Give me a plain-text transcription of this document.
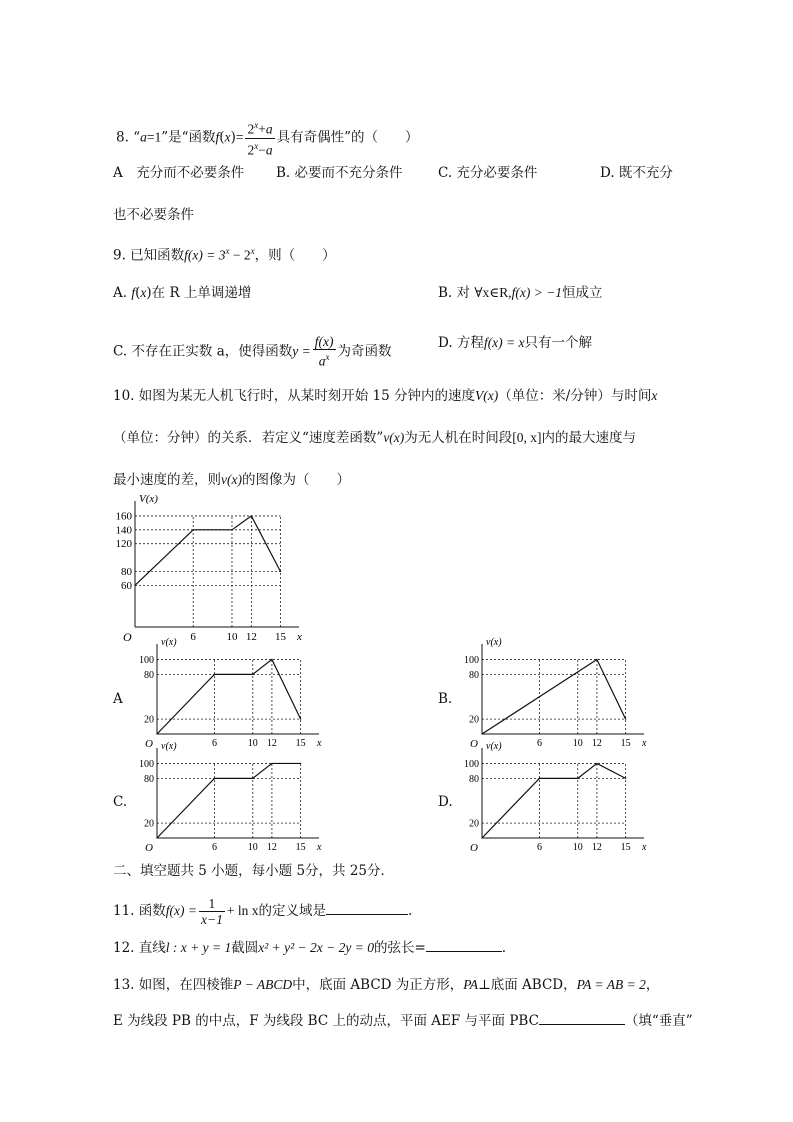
8. “a=1”是“函数$f(x)= \frac{2^x+a}{2^x-a}$ 具有奇偶性”的（　　）
A　充分而不必要条件 B. 必要而不充分条件	C. 充分必要条件	D. 既不充分
也不必要条件
9. 已知函数$f(x) = 3^x - 2^x$，则（　　）
A. f(x)在 R 上单调递增	B. 对 ∀x∈R,f(x) > −1恒成立
C. 不存在正实数 a，使得函数$y = \frac{f(x)}{a^x}$ 为奇函数
D. 方程f(x) = x只有一个解
10. 如图为某无人机飞行时，从某时刻开始 15 分钟内的速度V(x)（单位：米/分钟）与时间x
（单位：分钟）的关系．若定义“速度差函数”v(x)为无人机在时间段[0, x]内的最大速度与
最小速度的差，则v(x)的图像为（　　）
60
80
120
140
160
6	10 12 15 x
V(x)
O
A
20
80
100
6	10 12 15 x
v(x)
O
B.
20
80
100
6	10 12 15 x
v(x)
O
C.
20
80
100
6	10 12 15 x
v(x)
O
D.
20
80
100
6	10 12 15 x
v(x)
O
二、填空题共 5 小题，每小题 5分，共 25分．
11. 函数$f(x) = \frac{1}{x-1} + \ln x$的定义域是	.
12. 直线l : x + y = 1截圆x² + y² − 2x − 2y = 0的弦长=	.
13. 如图，在四棱锥P − ABCD中，底面 ABCD 为正方形，PA⊥底面 ABCD，PA = AB = 2，
E 为线段 PB 的中点，F 为线段 BC 上的动点，平面 AEF 与平面 PBC	（填“垂直”
